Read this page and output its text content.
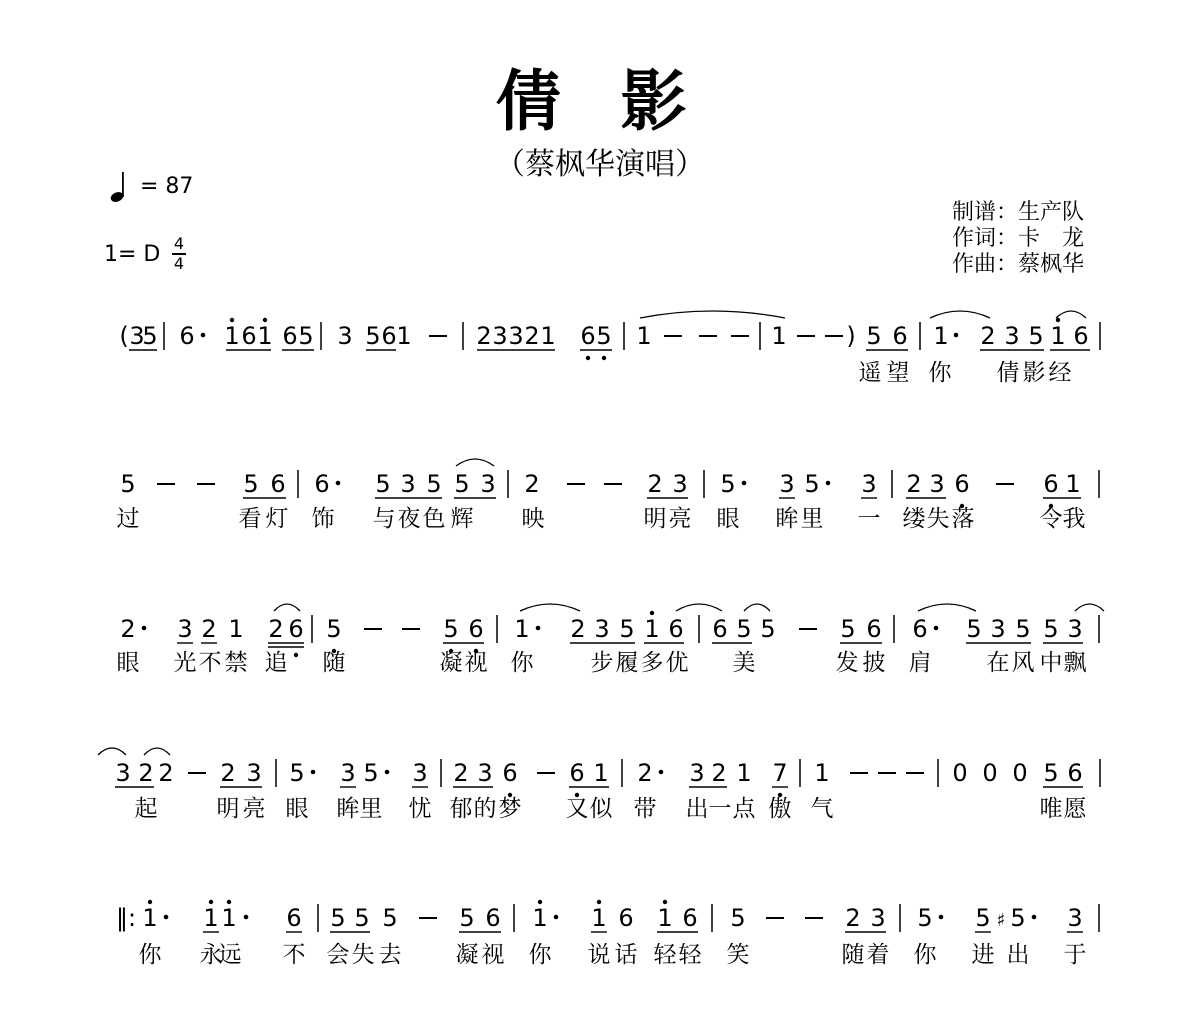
倩 影
（蔡枫华演唱）
= 87
1= D 4
4
制谱：生产队
作词：卡　龙
作曲：蔡枫华
( 3
5 6 1 6 1 6 5 3 5 6 1	2 3 3 2 1 6 5 1	1 ) 5 6 1 2 3 5 1 6
5	5 6 6 5 3 5 5 3 2	2 3 5 3 5 3 2 3 6	6 1
2 3 2 1 2 6 5	5 6 1 2 3 5 1 6 6 5 5	5 6 6 5 3 5 5 3
3 2 2 2 3 5 3 5 3 2 3 6 6 1 2 3 2 1 7 1	0 0 0 5 6
‖: 1 1 1 6 5 5 5	5 6 1 1 6 1 6 5	2 3 5 5 ♯ 5 3
遥 望 你 倩 影 经
过	看 灯 饰 与 夜 色 辉 映	明 亮 眼 眸 里 一 缕 失 落	令 我
眼 光 不 禁 追 随	凝 视 你 步 履 多 优 美	发 披 肩 在 风 中 飘
起	明 亮 眼 眸 里 忧 郁 的 梦 又 似 带 出 一 点 傲 气	唯 愿
你 永
远 不 会 失 去 凝 视 你 说 话 轻 轻 笑	随 着 你 进 出 于
